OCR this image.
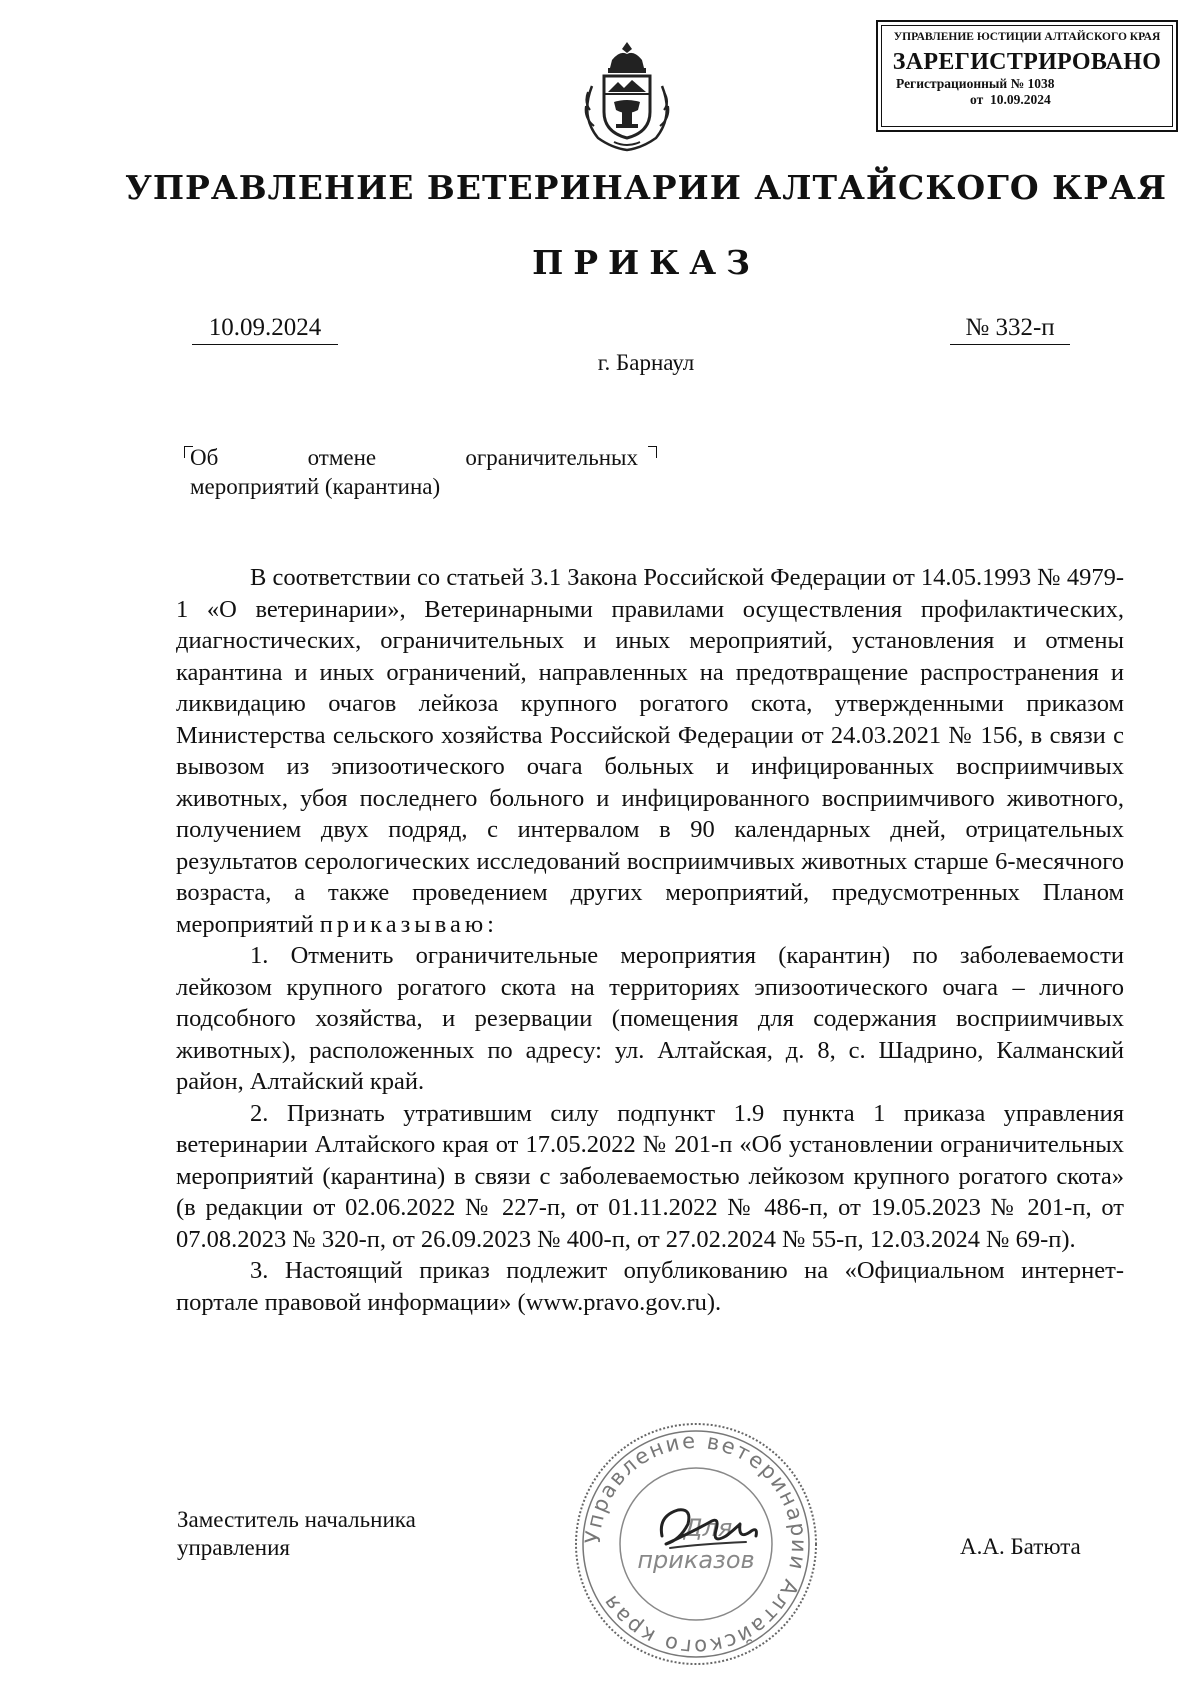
УПРАВЛЕНИЕ ЮСТИЦИИ АЛТАЙСКОГО КРАЯ
ЗАРЕГИСТРИРОВАНО
Регистрационный № 1038
от  10.09.2024
УПРАВЛЕНИЕ ВЕТЕРИНАРИИ АЛТАЙСКОГО КРАЯ
ПРИКАЗ
10.09.2024	№ 332-п
г. Барнаул
Об	отмене	ограничительных
мероприятий (карантина)

В соответствии со статьей 3.1 Закона Российской Федерации от 14.05.1993 № 4979-1 «О ветеринарии», Ветеринарными правилами осуществления профилактических, диагностических, ограничительных и иных мероприятий, установления и отмены карантина и иных ограничений, направленных на предотвращение распространения и ликвидацию очагов лейкоза крупного рогатого скота, утвержденными приказом Министерства сельского хозяйства Российской Федерации от 24.03.2021 № 156, в связи с вывозом из эпизоотического очага больных и инфицированных восприимчивых животных, убоя последнего больного и инфицированного восприимчивого животного, получением двух подряд, с интервалом в 90 календарных дней, отрицательных результатов серологических исследований восприимчивых животных старше 6-месячного возраста, а также проведением других мероприятий, предусмотренных Планом мероприятий приказываю:

1. Отменить ограничительные мероприятия (карантин) по заболеваемости лейкозом крупного рогатого скота на территориях эпизоотического очага – личного подсобного хозяйства, и резервации (помещения для содержания восприимчивых животных), расположенных по адресу: ул. Алтайская, д. 8, с. Шадрино, Калманский район, Алтайский край.

2. Признать утратившим силу подпункт 1.9 пункта 1 приказа управления ветеринарии Алтайского края от 17.05.2022 № 201-п «Об установлении ограничительных мероприятий (карантина) в связи с заболеваемостью лейкозом крупного рогатого скота» (в редакции от 02.06.2022 № 227-п, от 01.11.2022 № 486-п, от 19.05.2023 № 201-п, от 07.08.2023 № 320-п, от 26.09.2023 № 400-п, от 27.02.2024 № 55-п, 12.03.2024 № 69-п).

3. Настоящий приказ подлежит опубликованию на «Официальном интернет-портале правовой информации» (www.pravo.gov.ru).

Заместитель начальника
управления	А.А. Батюта
Управление ветеринарии Алтайского края
Для
приказов
